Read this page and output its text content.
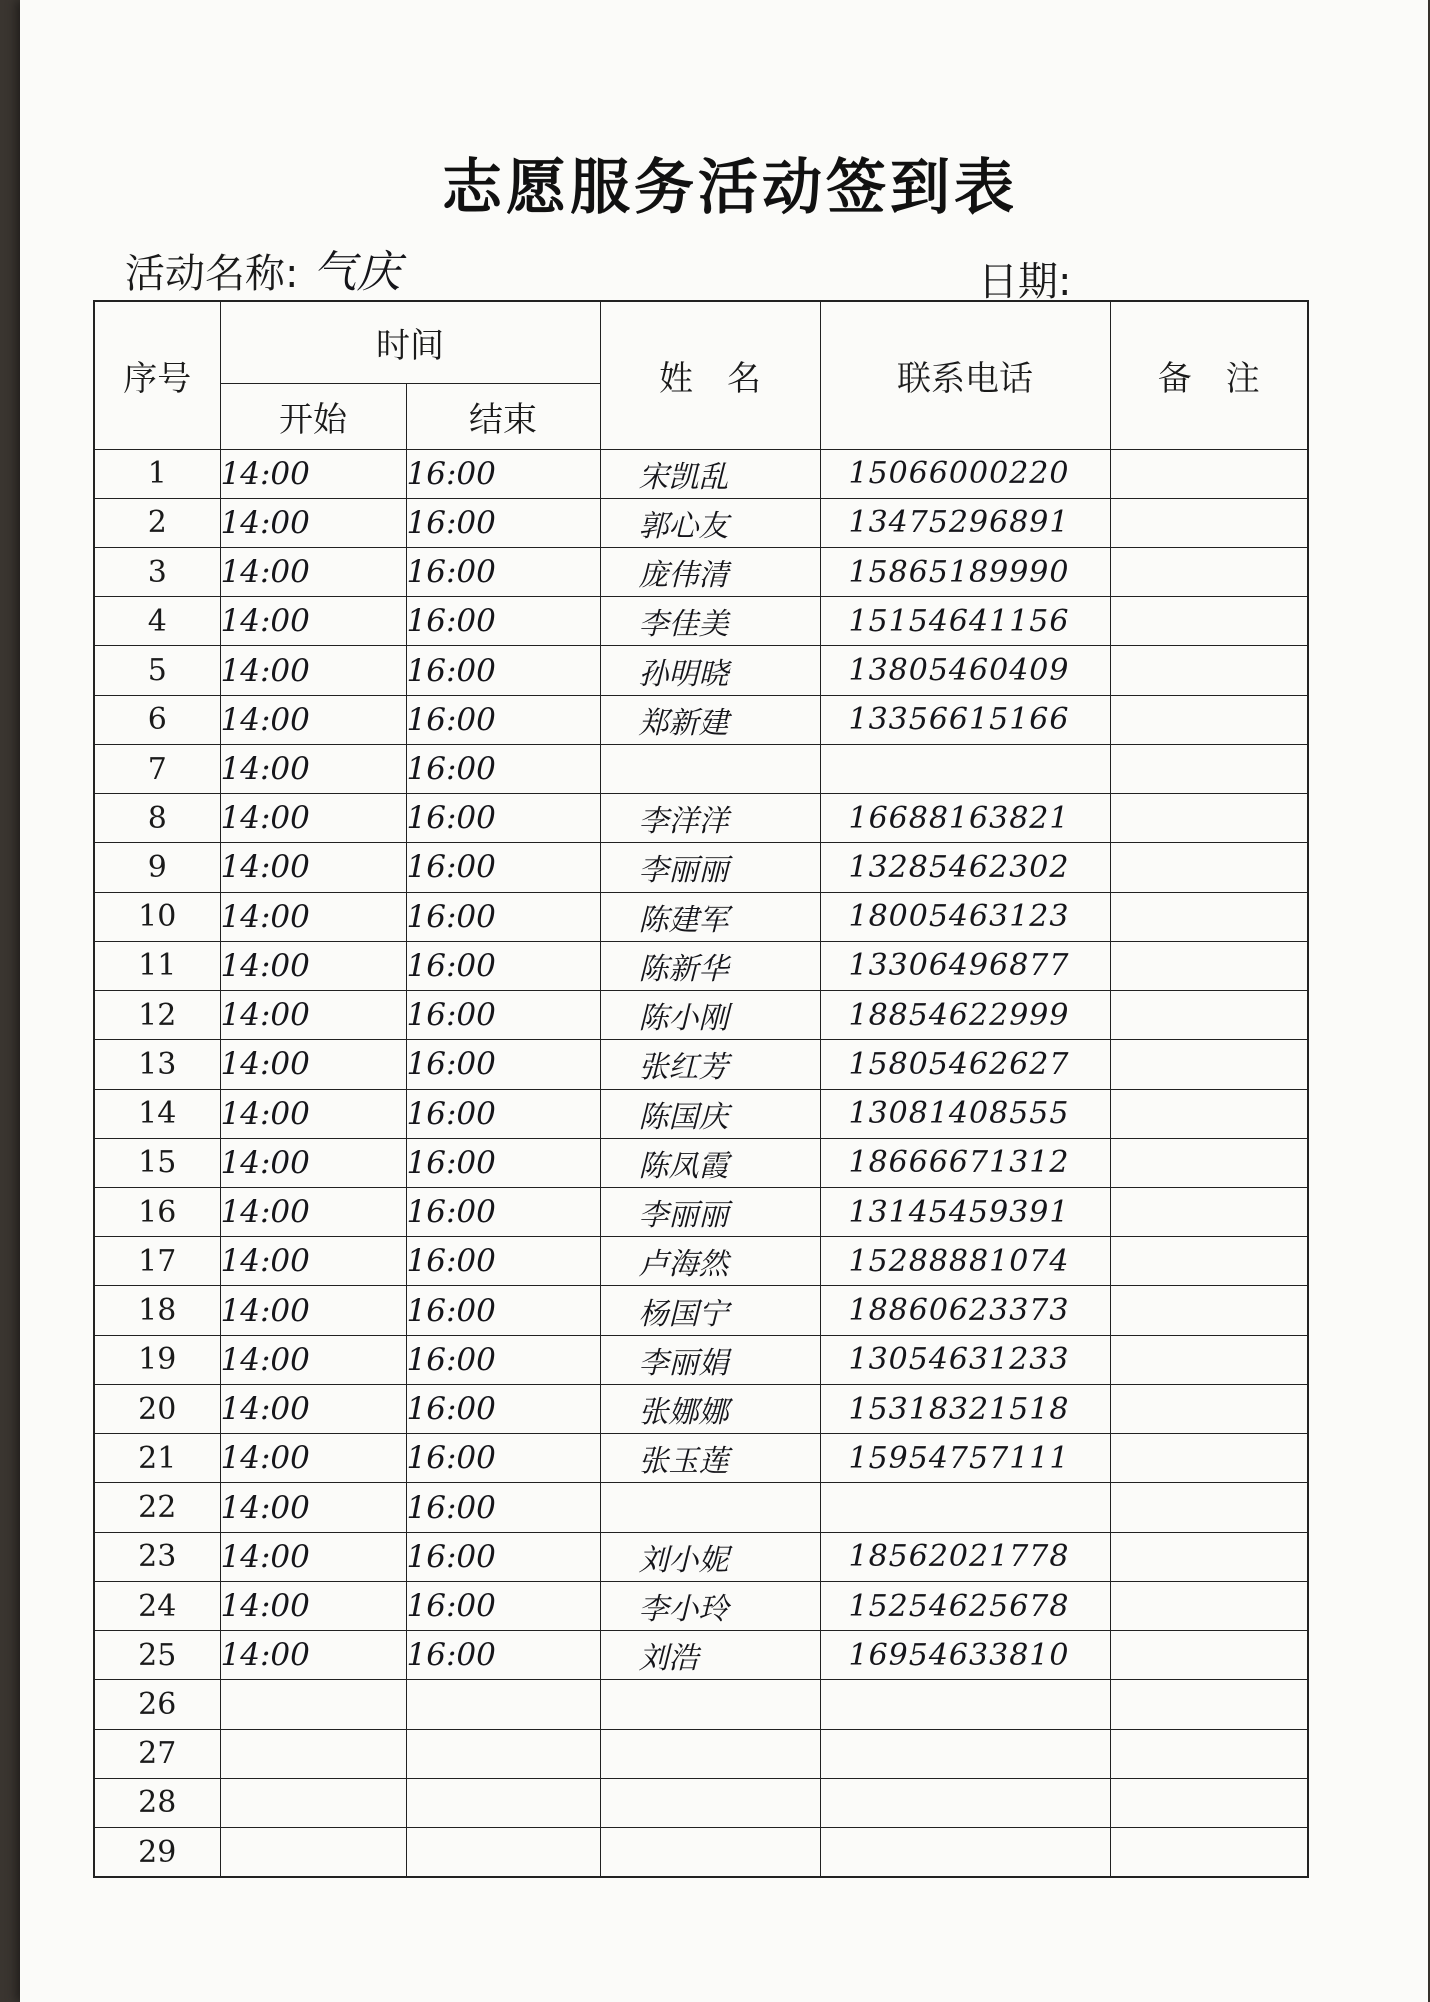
志愿服务活动签到表
活动名称: 气庆	日期:
序号	时间		姓　名	联系电话	备　注
	开始	结束			
1	14:00	16:00	宋凯乱	15066000220	
2	14:00	16:00	郭心友	13475296891	
3	14:00	16:00	庞伟清	15865189990	
4	14:00	16:00	李佳美	15154641156	
5	14:00	16:00	孙明晓	13805460409	
6	14:00	16:00	郑新建	13356615166	
7	14:00	16:00			
8	14:00	16:00	李洋洋	16688163821	
9	14:00	16:00	李丽丽	13285462302	
10	14:00	16:00	陈建军	18005463123	
11	14:00	16:00	陈新华	13306496877	
12	14:00	16:00	陈小刚	18854622999	
13	14:00	16:00	张红芳	15805462627	
14	14:00	16:00	陈国庆	13081408555	
15	14:00	16:00	陈凤霞	18666671312	
16	14:00	16:00	李丽丽	13145459391	
17	14:00	16:00	卢海然	15288881074	
18	14:00	16:00	杨国宁	18860623373	
19	14:00	16:00	李丽娟	13054631233	
20	14:00	16:00	张娜娜	15318321518	
21	14:00	16:00	张玉莲	15954757111	
22	14:00	16:00			
23	14:00	16:00	刘小妮	18562021778	
24	14:00	16:00	李小玲	15254625678	
25	14:00	16:00	刘浩	16954633810	
26					
27					
28					
29					
